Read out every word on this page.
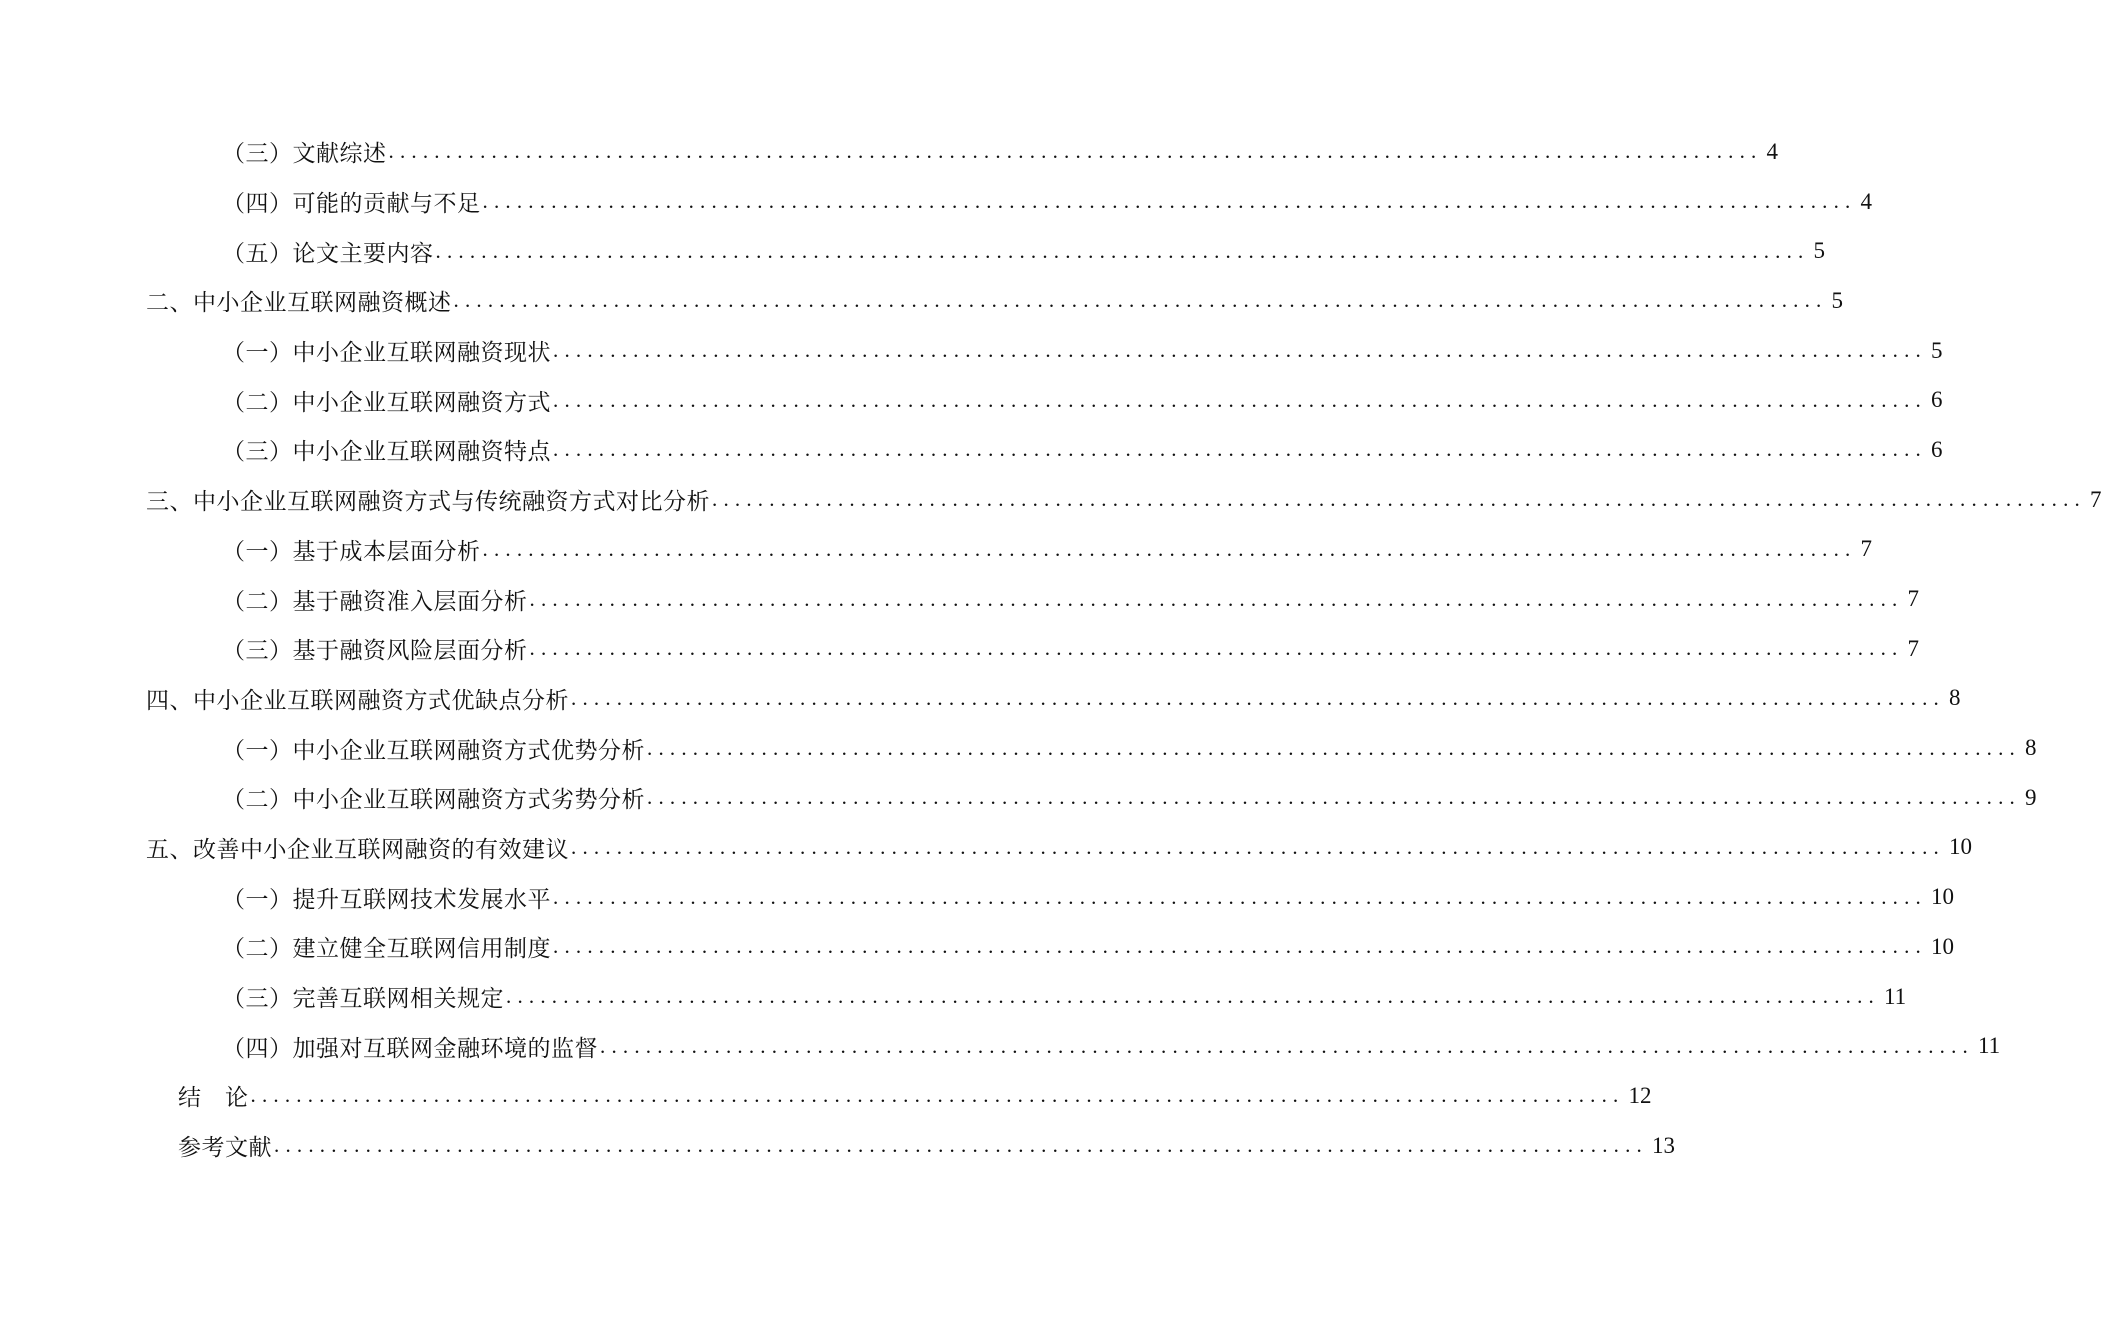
（三）文献综述 ........................................................................................................................ 4
（四）可能的贡献与不足 ........................................................................................................................ 4
（五）论文主要内容 ........................................................................................................................ 5
二、中小企业互联网融资概述 ........................................................................................................................ 5
（一）中小企业互联网融资现状 ........................................................................................................................ 5
（二）中小企业互联网融资方式 ........................................................................................................................ 6
（三）中小企业互联网融资特点 ........................................................................................................................ 6
三、中小企业互联网融资方式与传统融资方式对比分析 ........................................................................................................................ 7
（一）基于成本层面分析 ........................................................................................................................ 7
（二）基于融资准入层面分析 ........................................................................................................................ 7
（三）基于融资风险层面分析 ........................................................................................................................ 7
四、中小企业互联网融资方式优缺点分析 ........................................................................................................................ 8
（一）中小企业互联网融资方式优势分析 ........................................................................................................................ 8
（二）中小企业互联网融资方式劣势分析 ........................................................................................................................ 9
五、改善中小企业互联网融资的有效建议 ........................................................................................................................ 10
（一）提升互联网技术发展水平 ........................................................................................................................ 10
（二）建立健全互联网信用制度 ........................................................................................................................ 10
（三）完善互联网相关规定 ........................................................................................................................ 11
（四）加强对互联网金融环境的监督 ........................................................................................................................ 11
结　论 ........................................................................................................................ 12
参考文献 ........................................................................................................................ 13
